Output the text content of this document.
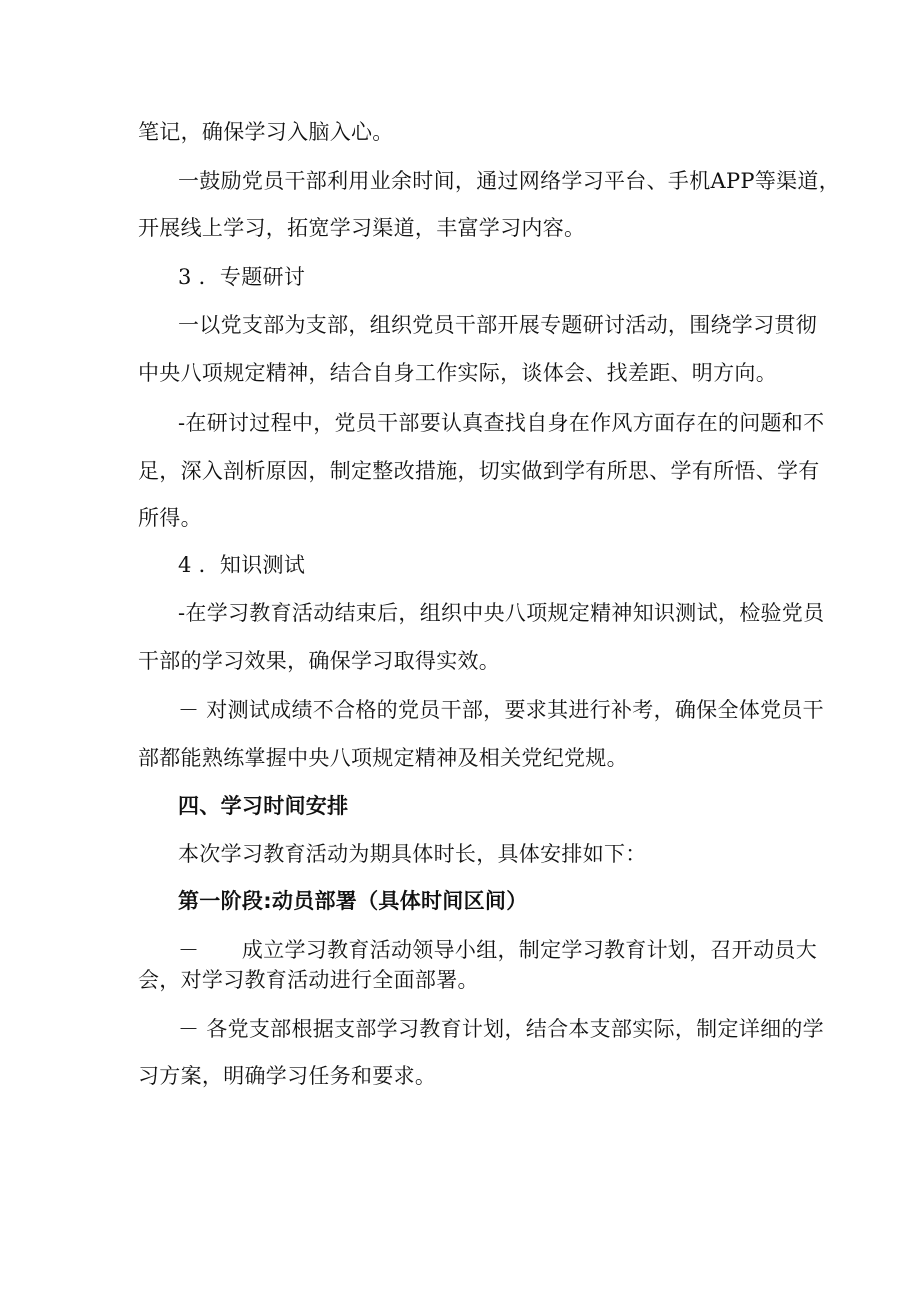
笔记，确保学习入脑入心。
一鼓励党员干部利用业余时间，通过网络学习平台、手机APP等渠道，
开展线上学习，拓宽学习渠道，丰富学习内容。
3 ．专题研讨
一以党支部为支部，组织党员干部开展专题研讨活动，围绕学习贯彻
中央八项规定精神，结合自身工作实际，谈体会、找差距、明方向。
-在研讨过程中，党员干部要认真查找自身在作风方面存在的问题和不
足，深入剖析原因，制定整改措施，切实做到学有所思、学有所悟、学有
所得。
4 ．知识测试
-在学习教育活动结束后，组织中央八项规定精神知识测试，检验党员
干部的学习效果，确保学习取得实效。
－ 对测试成绩不合格的党员干部，要求其进行补考，确保全体党员干
部都能熟练掌握中央八项规定精神及相关党纪党规。
四、学习时间安排
本次学习教育活动为期具体时长，具体安排如下：
第一阶段:动员部署（具体时间区间）
－　　成立学习教育活动领导小组，制定学习教育计划，召开动员大
会，对学习教育活动进行全面部署。
－ 各党支部根据支部学习教育计划，结合本支部实际，制定详细的学
习方案，明确学习任务和要求。
